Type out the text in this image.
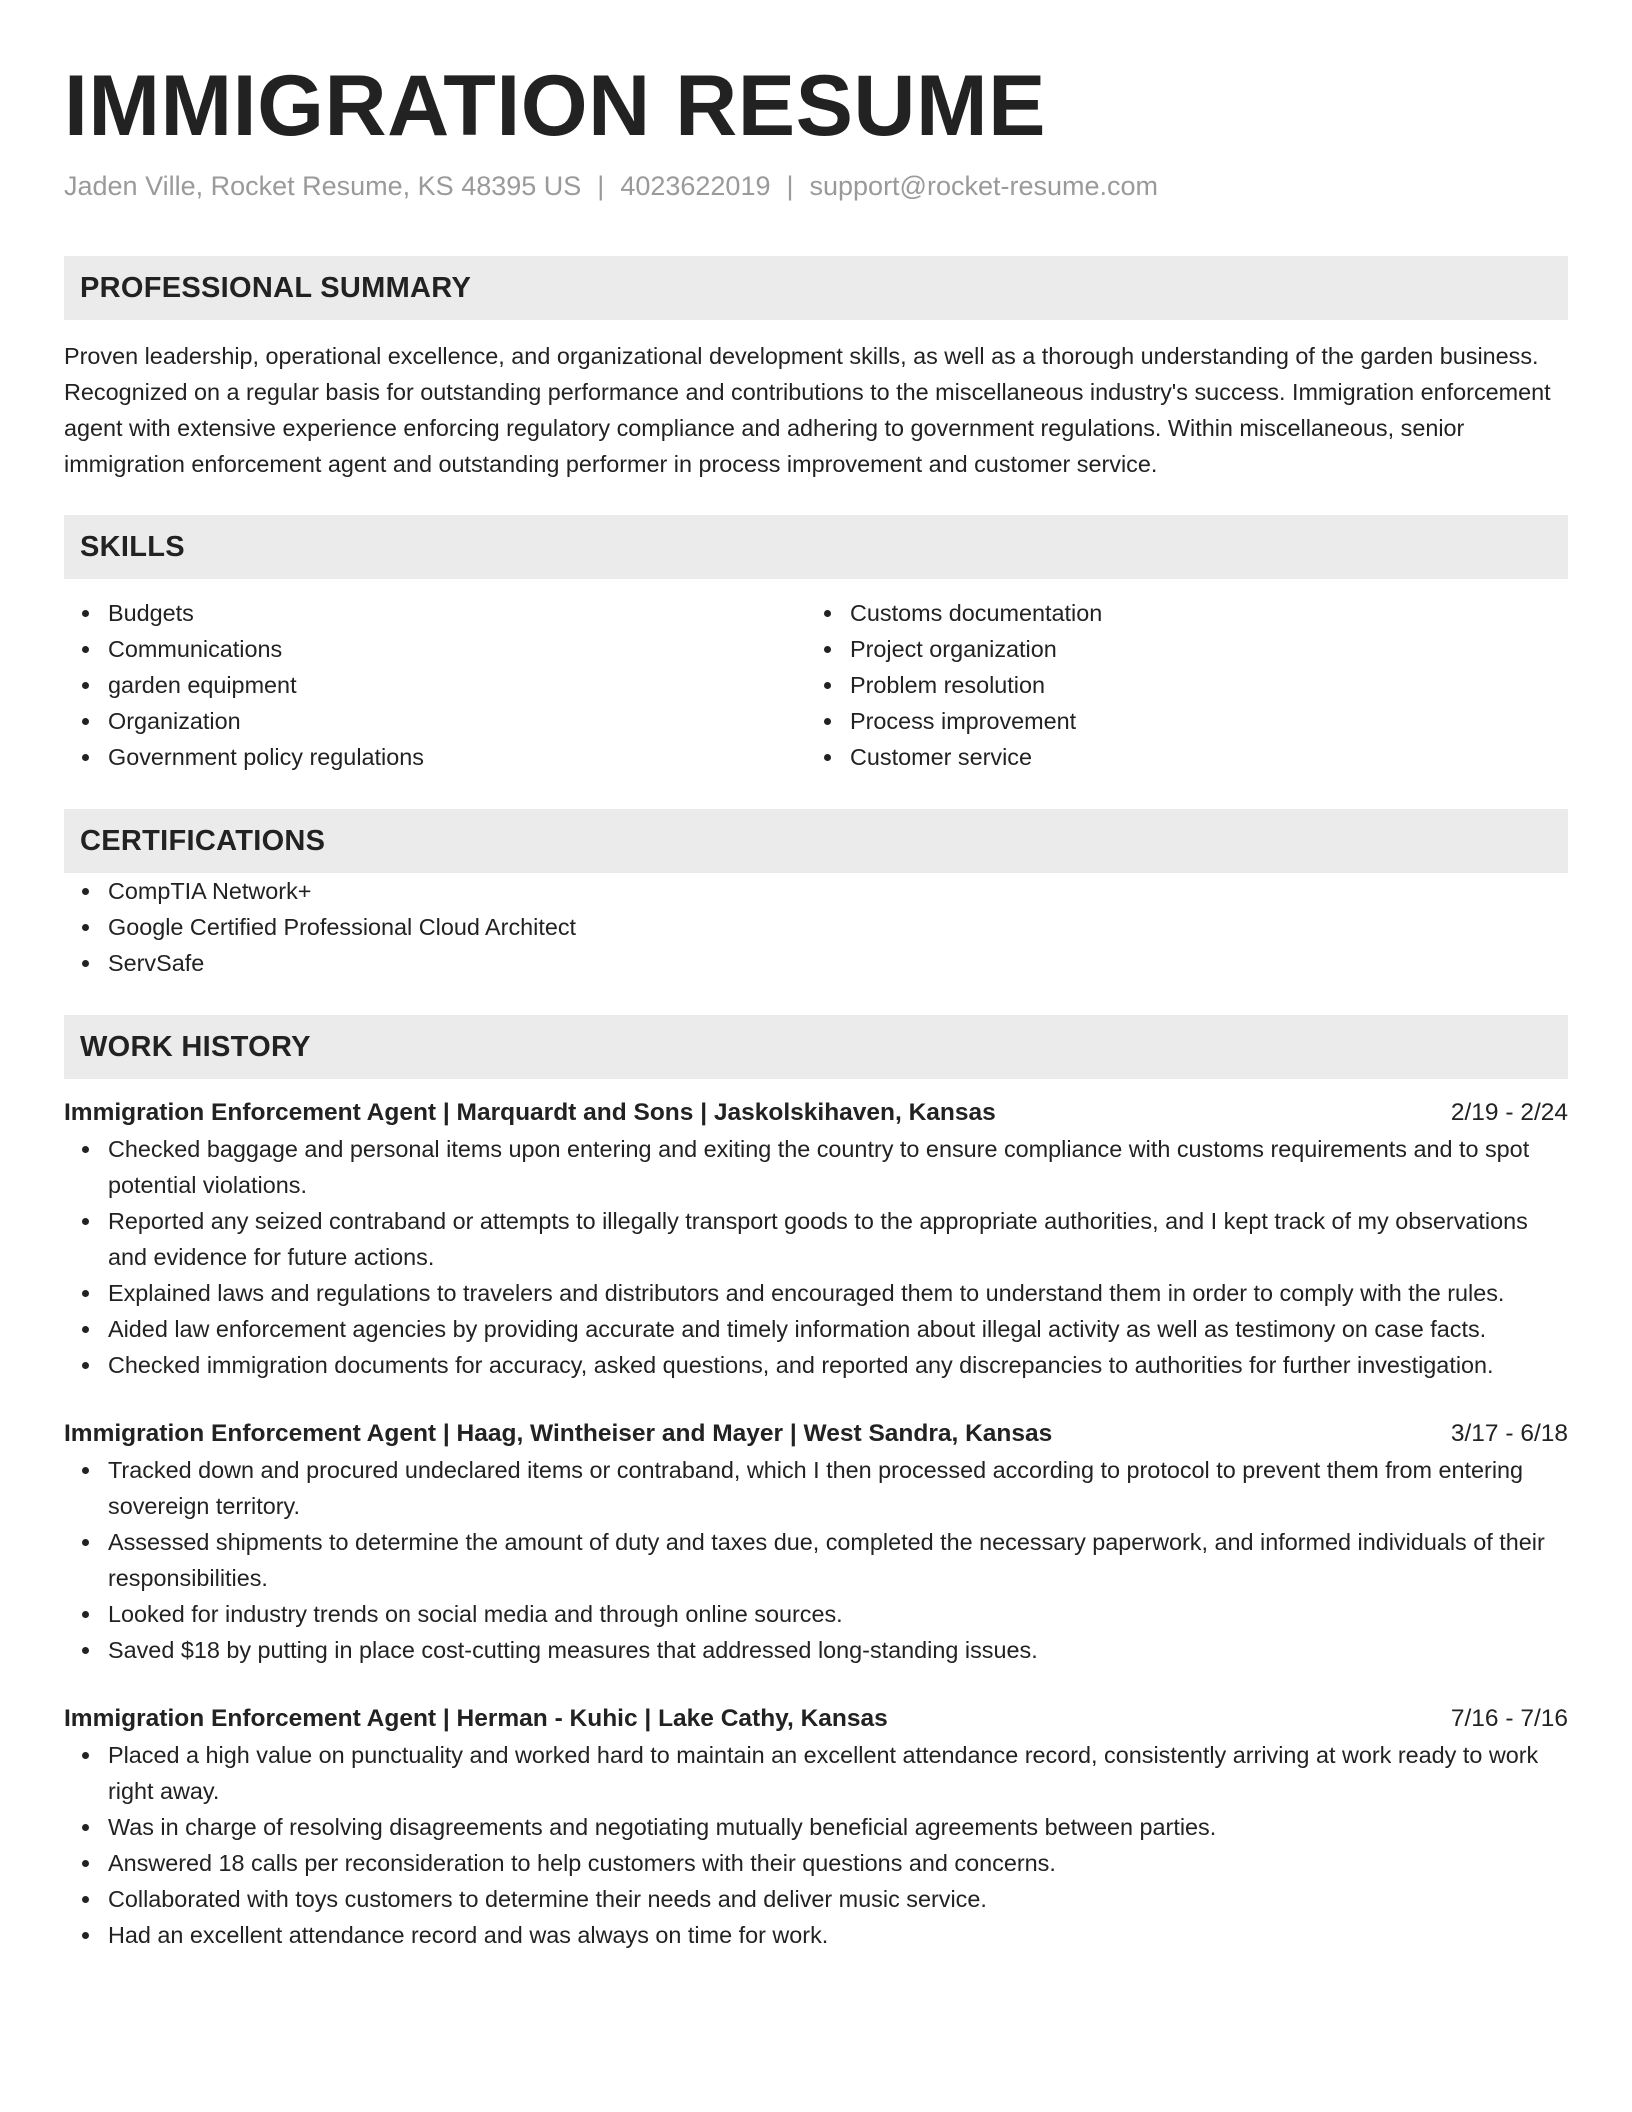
IMMIGRATION RESUME
Jaden Ville, Rocket Resume, KS 48395 US | 4023622019 | support@rocket-resume.com
PROFESSIONAL SUMMARY

Proven leadership, operational excellence, and organizational development skills, as well as a thorough understanding of the garden business. Recognized on a regular basis for outstanding performance and contributions to the miscellaneous industry's success. Immigration enforcement agent with extensive experience enforcing regulatory compliance and adhering to government regulations. Within miscellaneous, senior immigration enforcement agent and outstanding performer in process improvement and customer service.

SKILLS
Budgets
Communications
garden equipment
Organization
Government policy regulations
Customs documentation
Project organization
Problem resolution
Process improvement
Customer service
CERTIFICATIONS
CompTIA Network+
Google Certified Professional Cloud Architect
ServSafe
WORK HISTORY
Immigration Enforcement Agent | Marquardt and Sons | Jaskolskihaven, Kansas	2/19 - 2/24
Checked baggage and personal items upon entering and exiting the country to ensure compliance with customs requirements and to spot potential violations.
Reported any seized contraband or attempts to illegally transport goods to the appropriate authorities, and I kept track of my observations and evidence for future actions.
Explained laws and regulations to travelers and distributors and encouraged them to understand them in order to comply with the rules.
Aided law enforcement agencies by providing accurate and timely information about illegal activity as well as testimony on case facts.
Checked immigration documents for accuracy, asked questions, and reported any discrepancies to authorities for further investigation.
Immigration Enforcement Agent | Haag, Wintheiser and Mayer | West Sandra, Kansas	3/17 - 6/18
Tracked down and procured undeclared items or contraband, which I then processed according to protocol to prevent them from entering sovereign territory.
Assessed shipments to determine the amount of duty and taxes due, completed the necessary paperwork, and informed individuals of their responsibilities.
Looked for industry trends on social media and through online sources.
Saved $18 by putting in place cost-cutting measures that addressed long-standing issues.
Immigration Enforcement Agent | Herman - Kuhic | Lake Cathy, Kansas	7/16 - 7/16
Placed a high value on punctuality and worked hard to maintain an excellent attendance record, consistently arriving at work ready to work right away.
Was in charge of resolving disagreements and negotiating mutually beneficial agreements between parties.
Answered 18 calls per reconsideration to help customers with their questions and concerns.
Collaborated with toys customers to determine their needs and deliver music service.
Had an excellent attendance record and was always on time for work.
